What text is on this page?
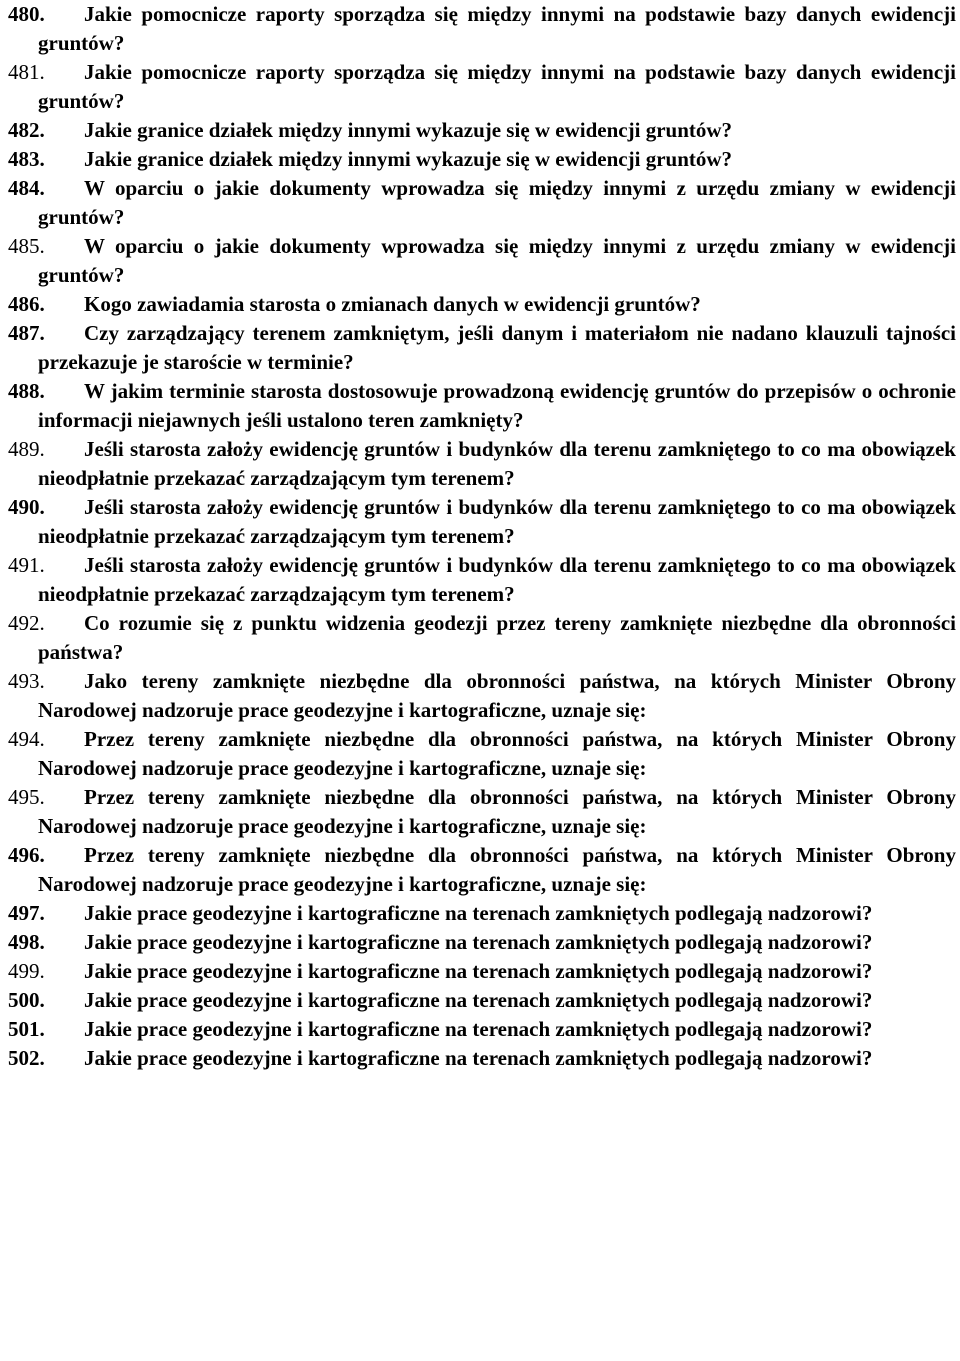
480. Jakie pomocnicze raporty sporządza się między innymi na podstawie bazy danych ewidencji gruntów?

481. Jakie pomocnicze raporty sporządza się między innymi na podstawie bazy danych ewidencji gruntów?

482. Jakie granice działek między innymi wykazuje się w ewidencji gruntów?

483. Jakie granice działek między innymi wykazuje się w ewidencji gruntów?

484. W oparciu o jakie dokumenty wprowadza się między innymi z urzędu zmiany w ewidencji gruntów?

485. W oparciu o jakie dokumenty wprowadza się między innymi z urzędu zmiany w ewidencji gruntów?

486. Kogo zawiadamia starosta o zmianach danych w ewidencji gruntów?

487. Czy zarządzający terenem zamkniętym, jeśli danym i materiałom nie nadano klauzuli tajności przekazuje je staroście w terminie?

488. W jakim terminie starosta dostosowuje prowadzoną ewidencję gruntów do przepisów o ochronie informacji niejawnych jeśli ustalono teren zamknięty?

489. Jeśli starosta założy ewidencję gruntów i budynków dla terenu zamkniętego to co ma obowiązek nieodpłatnie przekazać zarządzającym tym terenem?

490. Jeśli starosta założy ewidencję gruntów i budynków dla terenu zamkniętego to co ma obowiązek nieodpłatnie przekazać zarządzającym tym terenem?

491. Jeśli starosta założy ewidencję gruntów i budynków dla terenu zamkniętego to co ma obowiązek nieodpłatnie przekazać zarządzającym tym terenem?

492. Co rozumie się z punktu widzenia geodezji przez tereny zamknięte niezbędne dla obronności państwa?

493. Jako tereny zamknięte niezbędne dla obronności państwa, na których Minister Obrony Narodowej nadzoruje prace geodezyjne i kartograficzne, uznaje się:

494. Przez tereny zamknięte niezbędne dla obronności państwa, na których Minister Obrony Narodowej nadzoruje prace geodezyjne i kartograficzne, uznaje się:

495. Przez tereny zamknięte niezbędne dla obronności państwa, na których Minister Obrony Narodowej nadzoruje prace geodezyjne i kartograficzne, uznaje się:

496. Przez tereny zamknięte niezbędne dla obronności państwa, na których Minister Obrony Narodowej nadzoruje prace geodezyjne i kartograficzne, uznaje się:

497. Jakie prace geodezyjne i kartograficzne na terenach zamkniętych podlegają nadzorowi?

498. Jakie prace geodezyjne i kartograficzne na terenach zamkniętych podlegają nadzorowi?

499. Jakie prace geodezyjne i kartograficzne na terenach zamkniętych podlegają nadzorowi?

500. Jakie prace geodezyjne i kartograficzne na terenach zamkniętych podlegają nadzorowi?

501. Jakie prace geodezyjne i kartograficzne na terenach zamkniętych podlegają nadzorowi?

502. Jakie prace geodezyjne i kartograficzne na terenach zamkniętych podlegają nadzorowi?
